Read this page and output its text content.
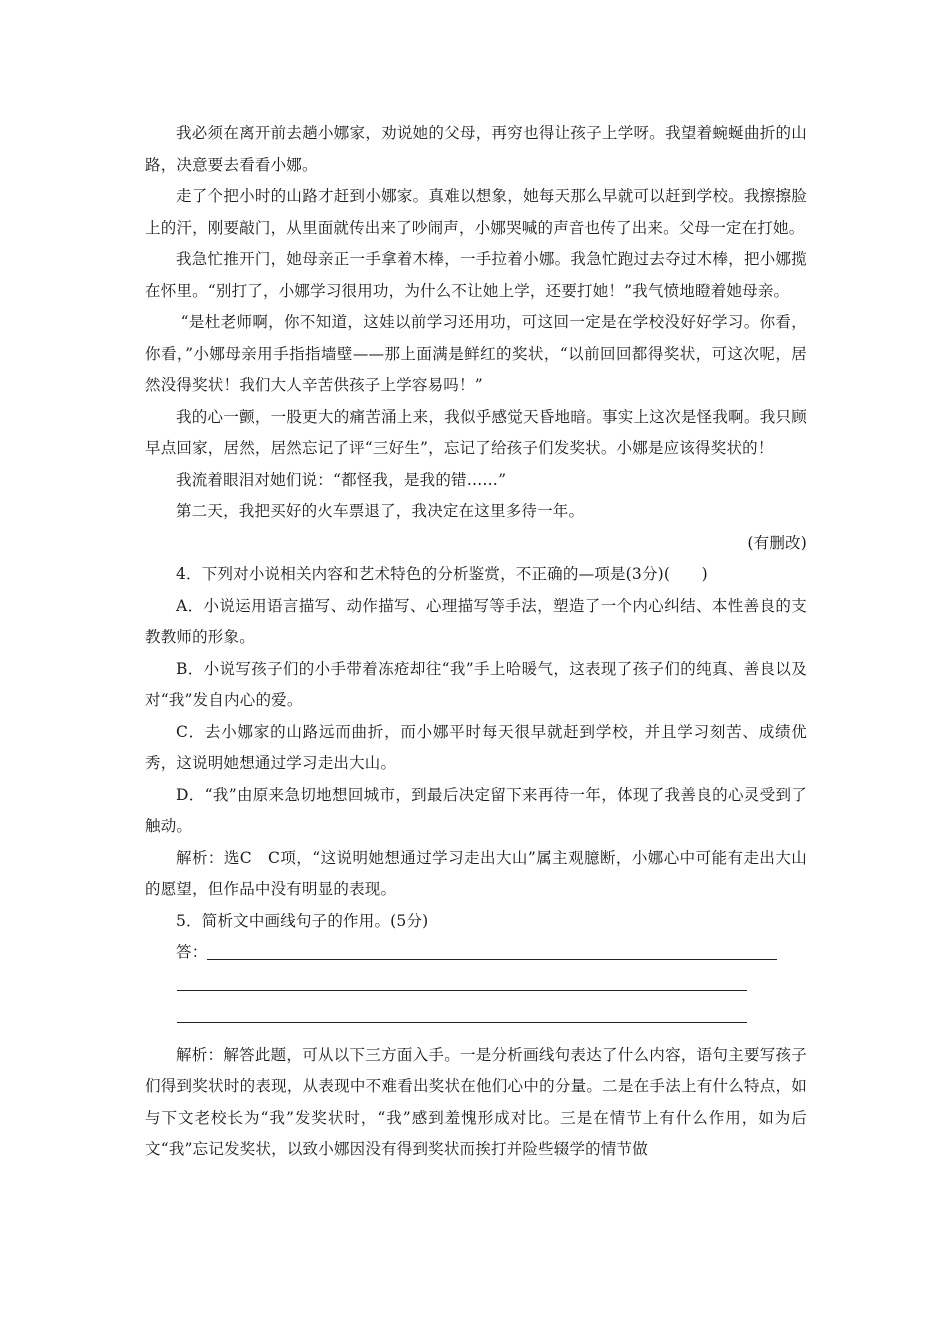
我必须在离开前去趟小娜家，劝说她的父母，再穷也得让孩子上学呀。我望着蜿蜒曲折的山路，决意要去看看小娜。

走了个把小时的山路才赶到小娜家。真难以想象，她每天那么早就可以赶到学校。我擦擦脸上的汗，刚要敲门，从里面就传出来了吵闹声，小娜哭喊的声音也传了出来。父母一定在打她。

我急忙推开门，她母亲正一手拿着木棒，一手拉着小娜。我急忙跑过去夺过木棒，把小娜揽在怀里。“别打了，小娜学习很用功，为什么不让她上学，还要打她！”我气愤地瞪着她母亲。

“是杜老师啊，你不知道，这娃以前学习还用功，可这回一定是在学校没好好学习。你看，你看，”小娜母亲用手指指墙壁——那上面满是鲜红的奖状，“以前回回都得奖状，可这次呢，居然没得奖状！我们大人辛苦供孩子上学容易吗！”

我的心一颤，一股更大的痛苦涌上来，我似乎感觉天昏地暗。事实上这次是怪我啊。我只顾早点回家，居然，居然忘记了评“三好生”，忘记了给孩子们发奖状。小娜是应该得奖状的！

我流着眼泪对她们说：“都怪我，是我的错……”

第二天，我把买好的火车票退了，我决定在这里多待一年。

(有删改)

4．下列对小说相关内容和艺术特色的分析鉴赏，不正确的—项是(3分)(　　)

A．小说运用语言描写、动作描写、心理描写等手法，塑造了一个内心纠结、本性善良的支教教师的形象。

B．小说写孩子们的小手带着冻疮却往“我”手上哈暖气，这表现了孩子们的纯真、善良以及对“我”发自内心的爱。

C．去小娜家的山路远而曲折，而小娜平时每天很早就赶到学校，并且学习刻苦、成绩优秀，这说明她想通过学习走出大山。

D．“我”由原来急切地想回城市，到最后决定留下来再待一年，体现了我善良的心灵受到了触动。

解析：选C　C项，“这说明她想通过学习走出大山”属主观臆断，小娜心中可能有走出大山的愿望，但作品中没有明显的表现。

5．简析文中画线句子的作用。(5分)

答：

解析：解答此题，可从以下三方面入手。一是分析画线句表达了什么内容，语句主要写孩子们得到奖状时的表现，从表现中不难看出奖状在他们心中的分量。二是在手法上有什么特点，如与下文老校长为“我”发奖状时，“我”感到羞愧形成对比。三是在情节上有什么作用，如为后文“我”忘记发奖状，以致小娜因没有得到奖状而挨打并险些辍学的情节做
